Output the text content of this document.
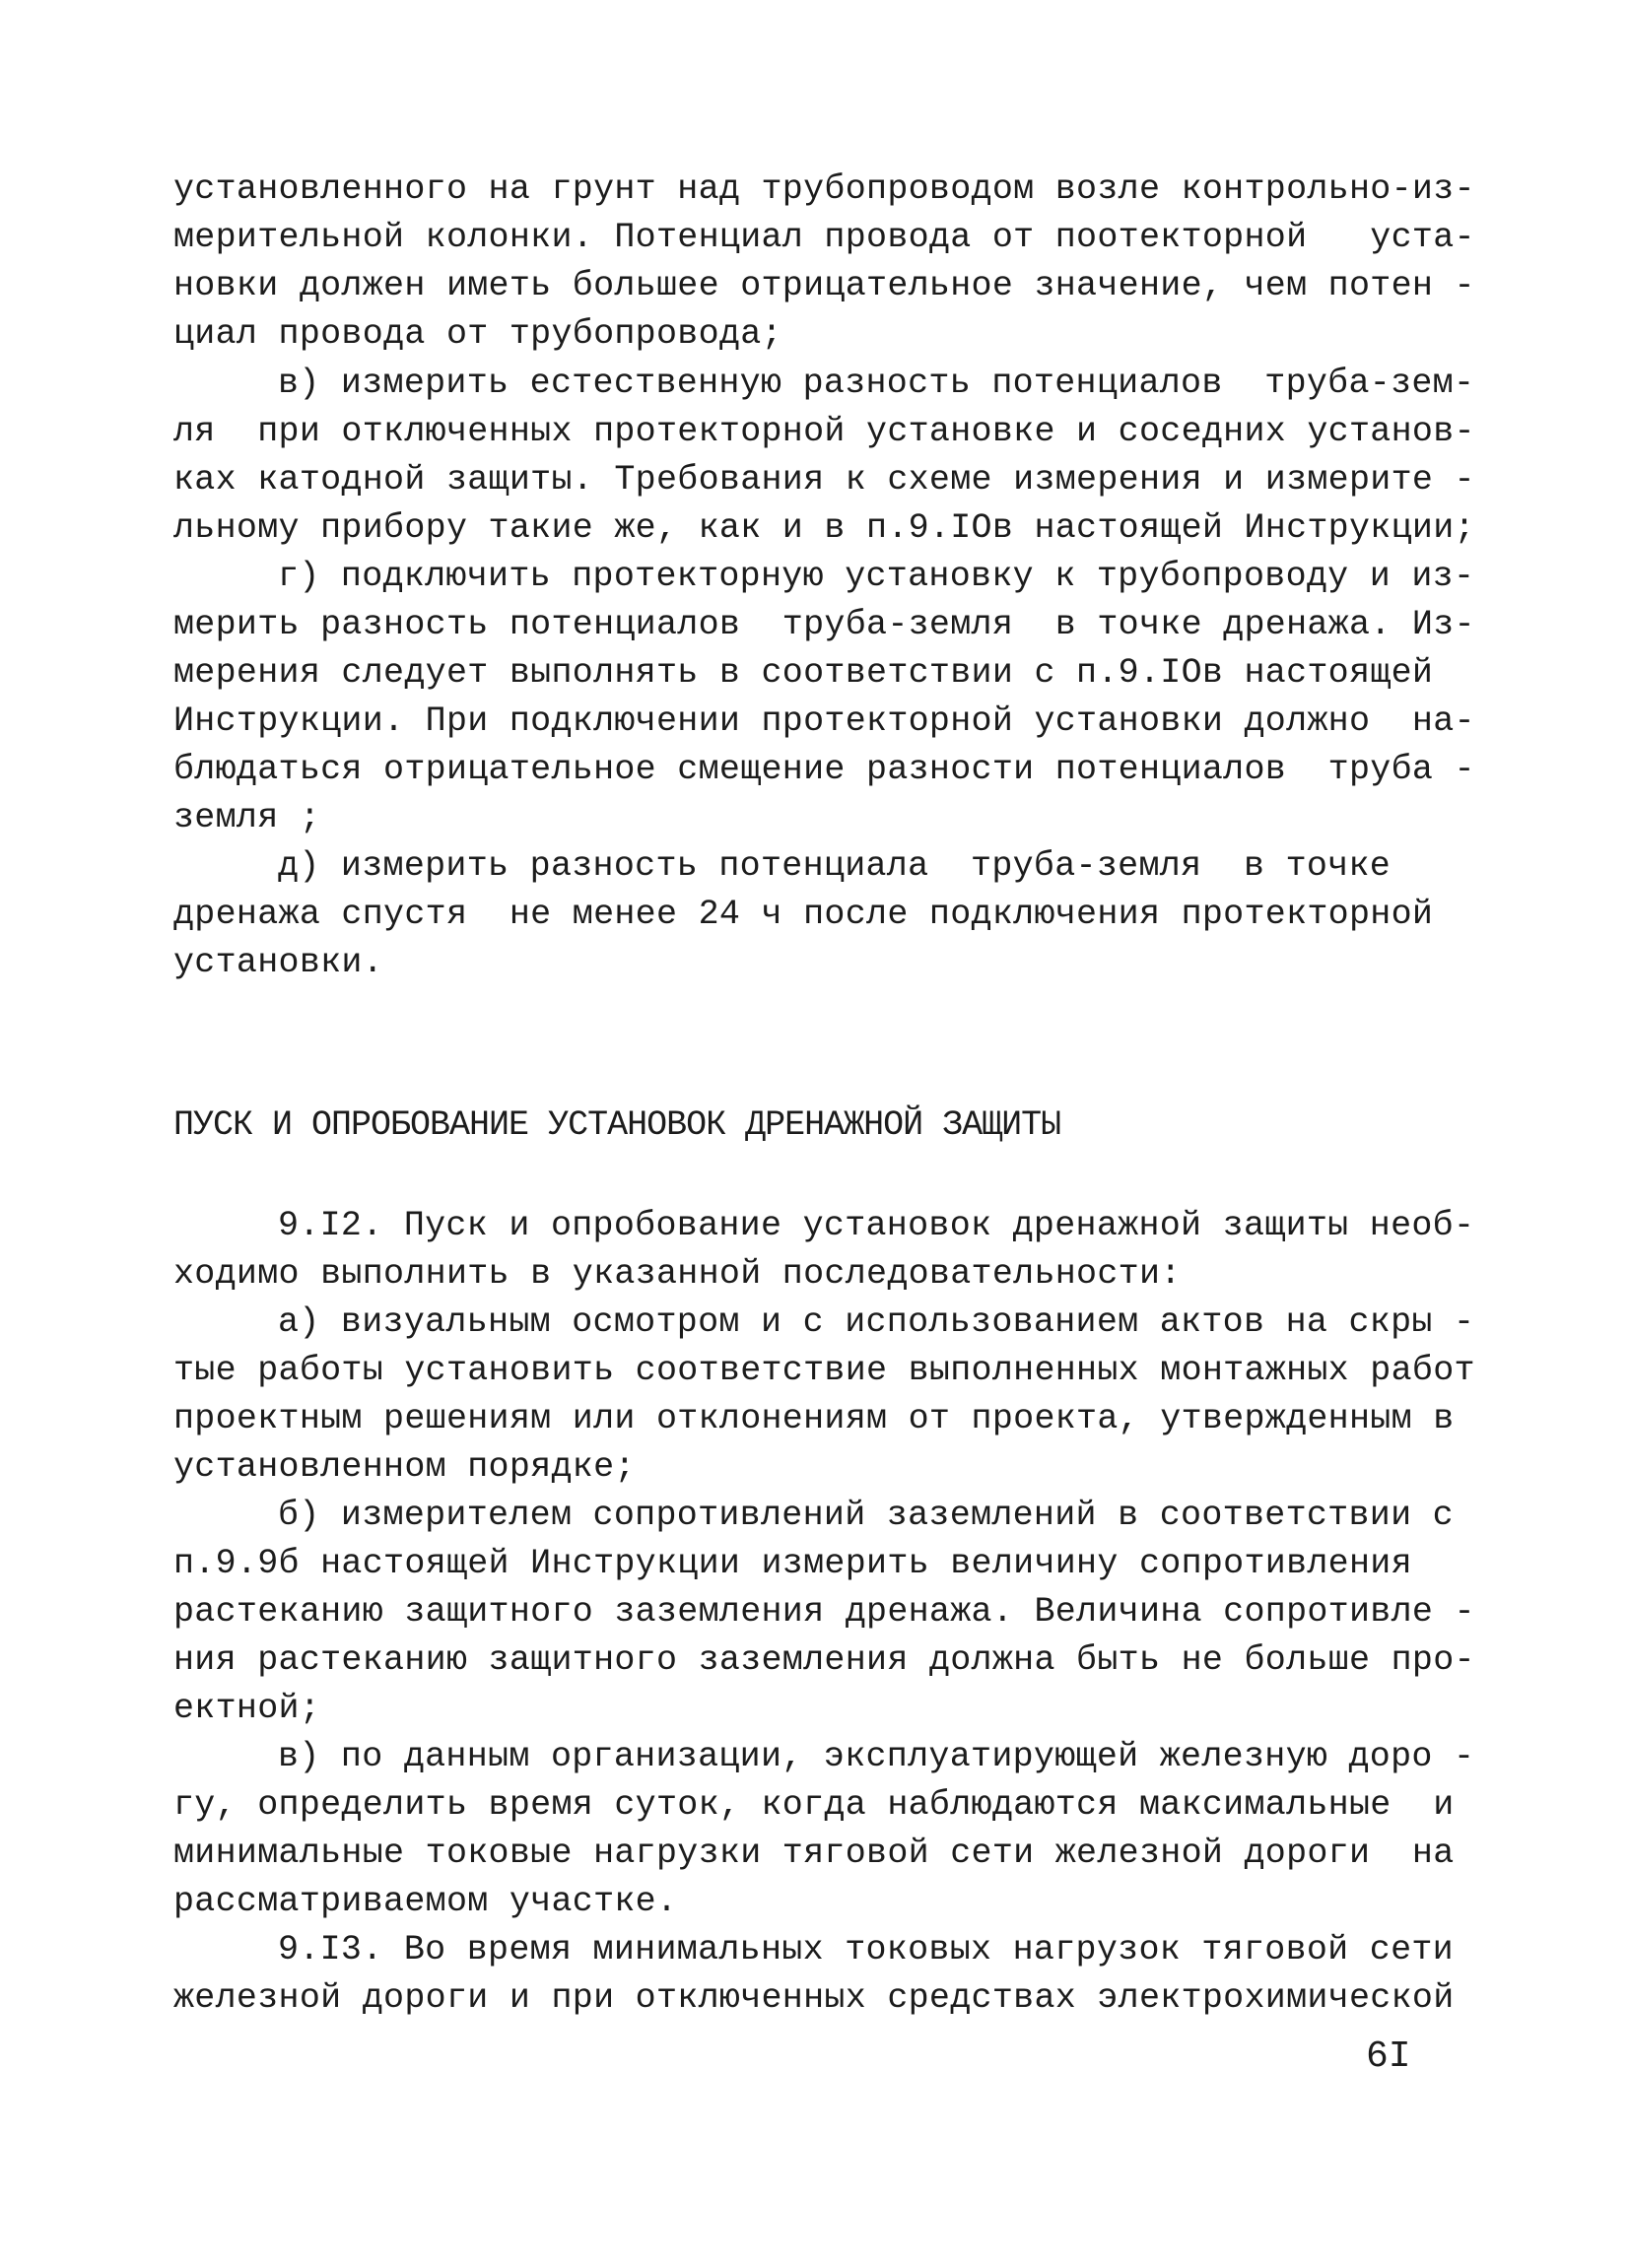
установленного на грунт над трубопроводом возле контрольно-из-
мерительной колонки. Потенциал провода от поотекторной   уста-
новки должен иметь большее отрицательное значение, чем потен -
циал провода от трубопровода;
в) измерить естественную разность потенциалов  труба-зем-
ля  при отключенных протекторной установке и соседних установ-
ках катодной защиты. Требования к схеме измерения и измерите -
льному прибору такие же, как и в п.9.IОв настоящей Инструкции;
г) подключить протекторную установку к трубопроводу и из-
мерить разность потенциалов  труба-земля  в точке дренажа. Из-
мерения следует выполнять в соответствии с п.9.IОв настоящей
Инструкции. При подключении протекторной установки должно  на-
блюдаться отрицательное смещение разности потенциалов  труба -
земля ;
д) измерить разность потенциала  труба-земля  в точке
дренажа спустя  не менее 24 ч после подключения протекторной
установки.
ПУСК И ОПРОБОВАНИЕ УСТАНОВОК ДРЕНАЖНОЙ ЗАЩИТЫ
9.I2. Пуск и опробование установок дренажной защиты необ-
ходимо выполнить в указанной последовательности:
а) визуальным осмотром и с использованием актов на скры -
тые работы установить соответствие выполненных монтажных работ
проектным решениям или отклонениям от проекта, утвержденным в
установленном порядке;
б) измерителем сопротивлений заземлений в соответствии с
п.9.9б настоящей Инструкции измерить величину сопротивления
растеканию защитного заземления дренажа. Величина сопротивле -
ния растеканию защитного заземления должна быть не больше про-
ектной;
в) по данным организации, эксплуатирующей железную доро -
гу, определить время суток, когда наблюдаются максимальные  и
минимальные токовые нагрузки тяговой сети железной дороги  на
рассматриваемом участке.
9.I3. Во время минимальных токовых нагрузок тяговой сети
железной дороги и при отключенных средствах электрохимической
6I
